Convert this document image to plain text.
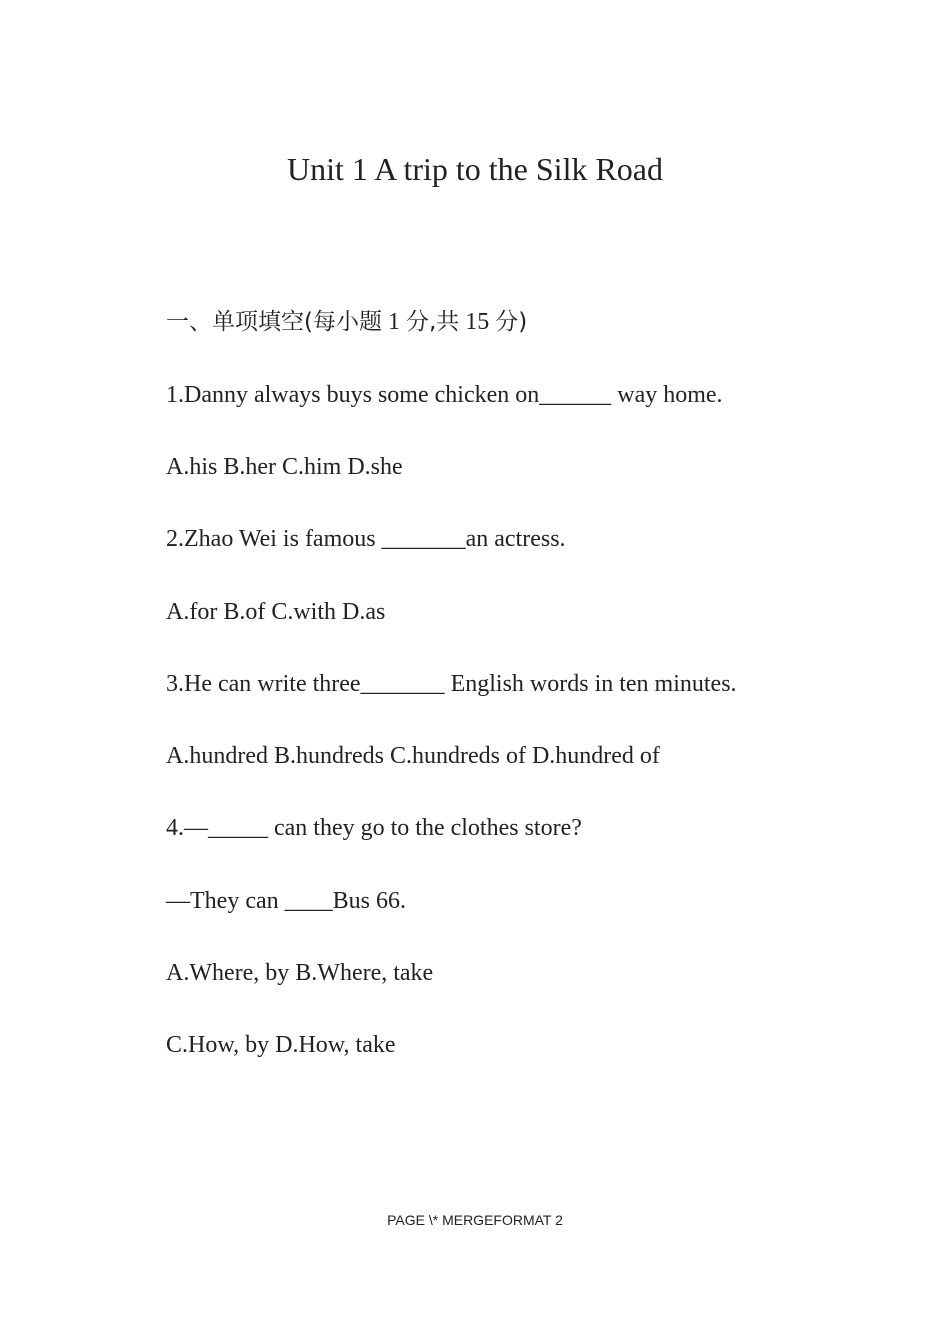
Unit 1 A trip to the Silk Road

一、单项填空(每小题 1 分,共 15 分)

1.Danny always buys some chicken on______ way home.

A.his B.her C.him D.she

2.Zhao Wei is famous _______an actress.

A.for B.of C.with D.as

3.He can write three_______ English words in ten minutes.

A.hundred B.hundreds C.hundreds of D.hundred of

4.—_____ can they go to the clothes store?

—They can ____Bus 66.

A.Where, by B.Where, take

C.How, by D.How, take

PAGE \* MERGEFORMAT 2
